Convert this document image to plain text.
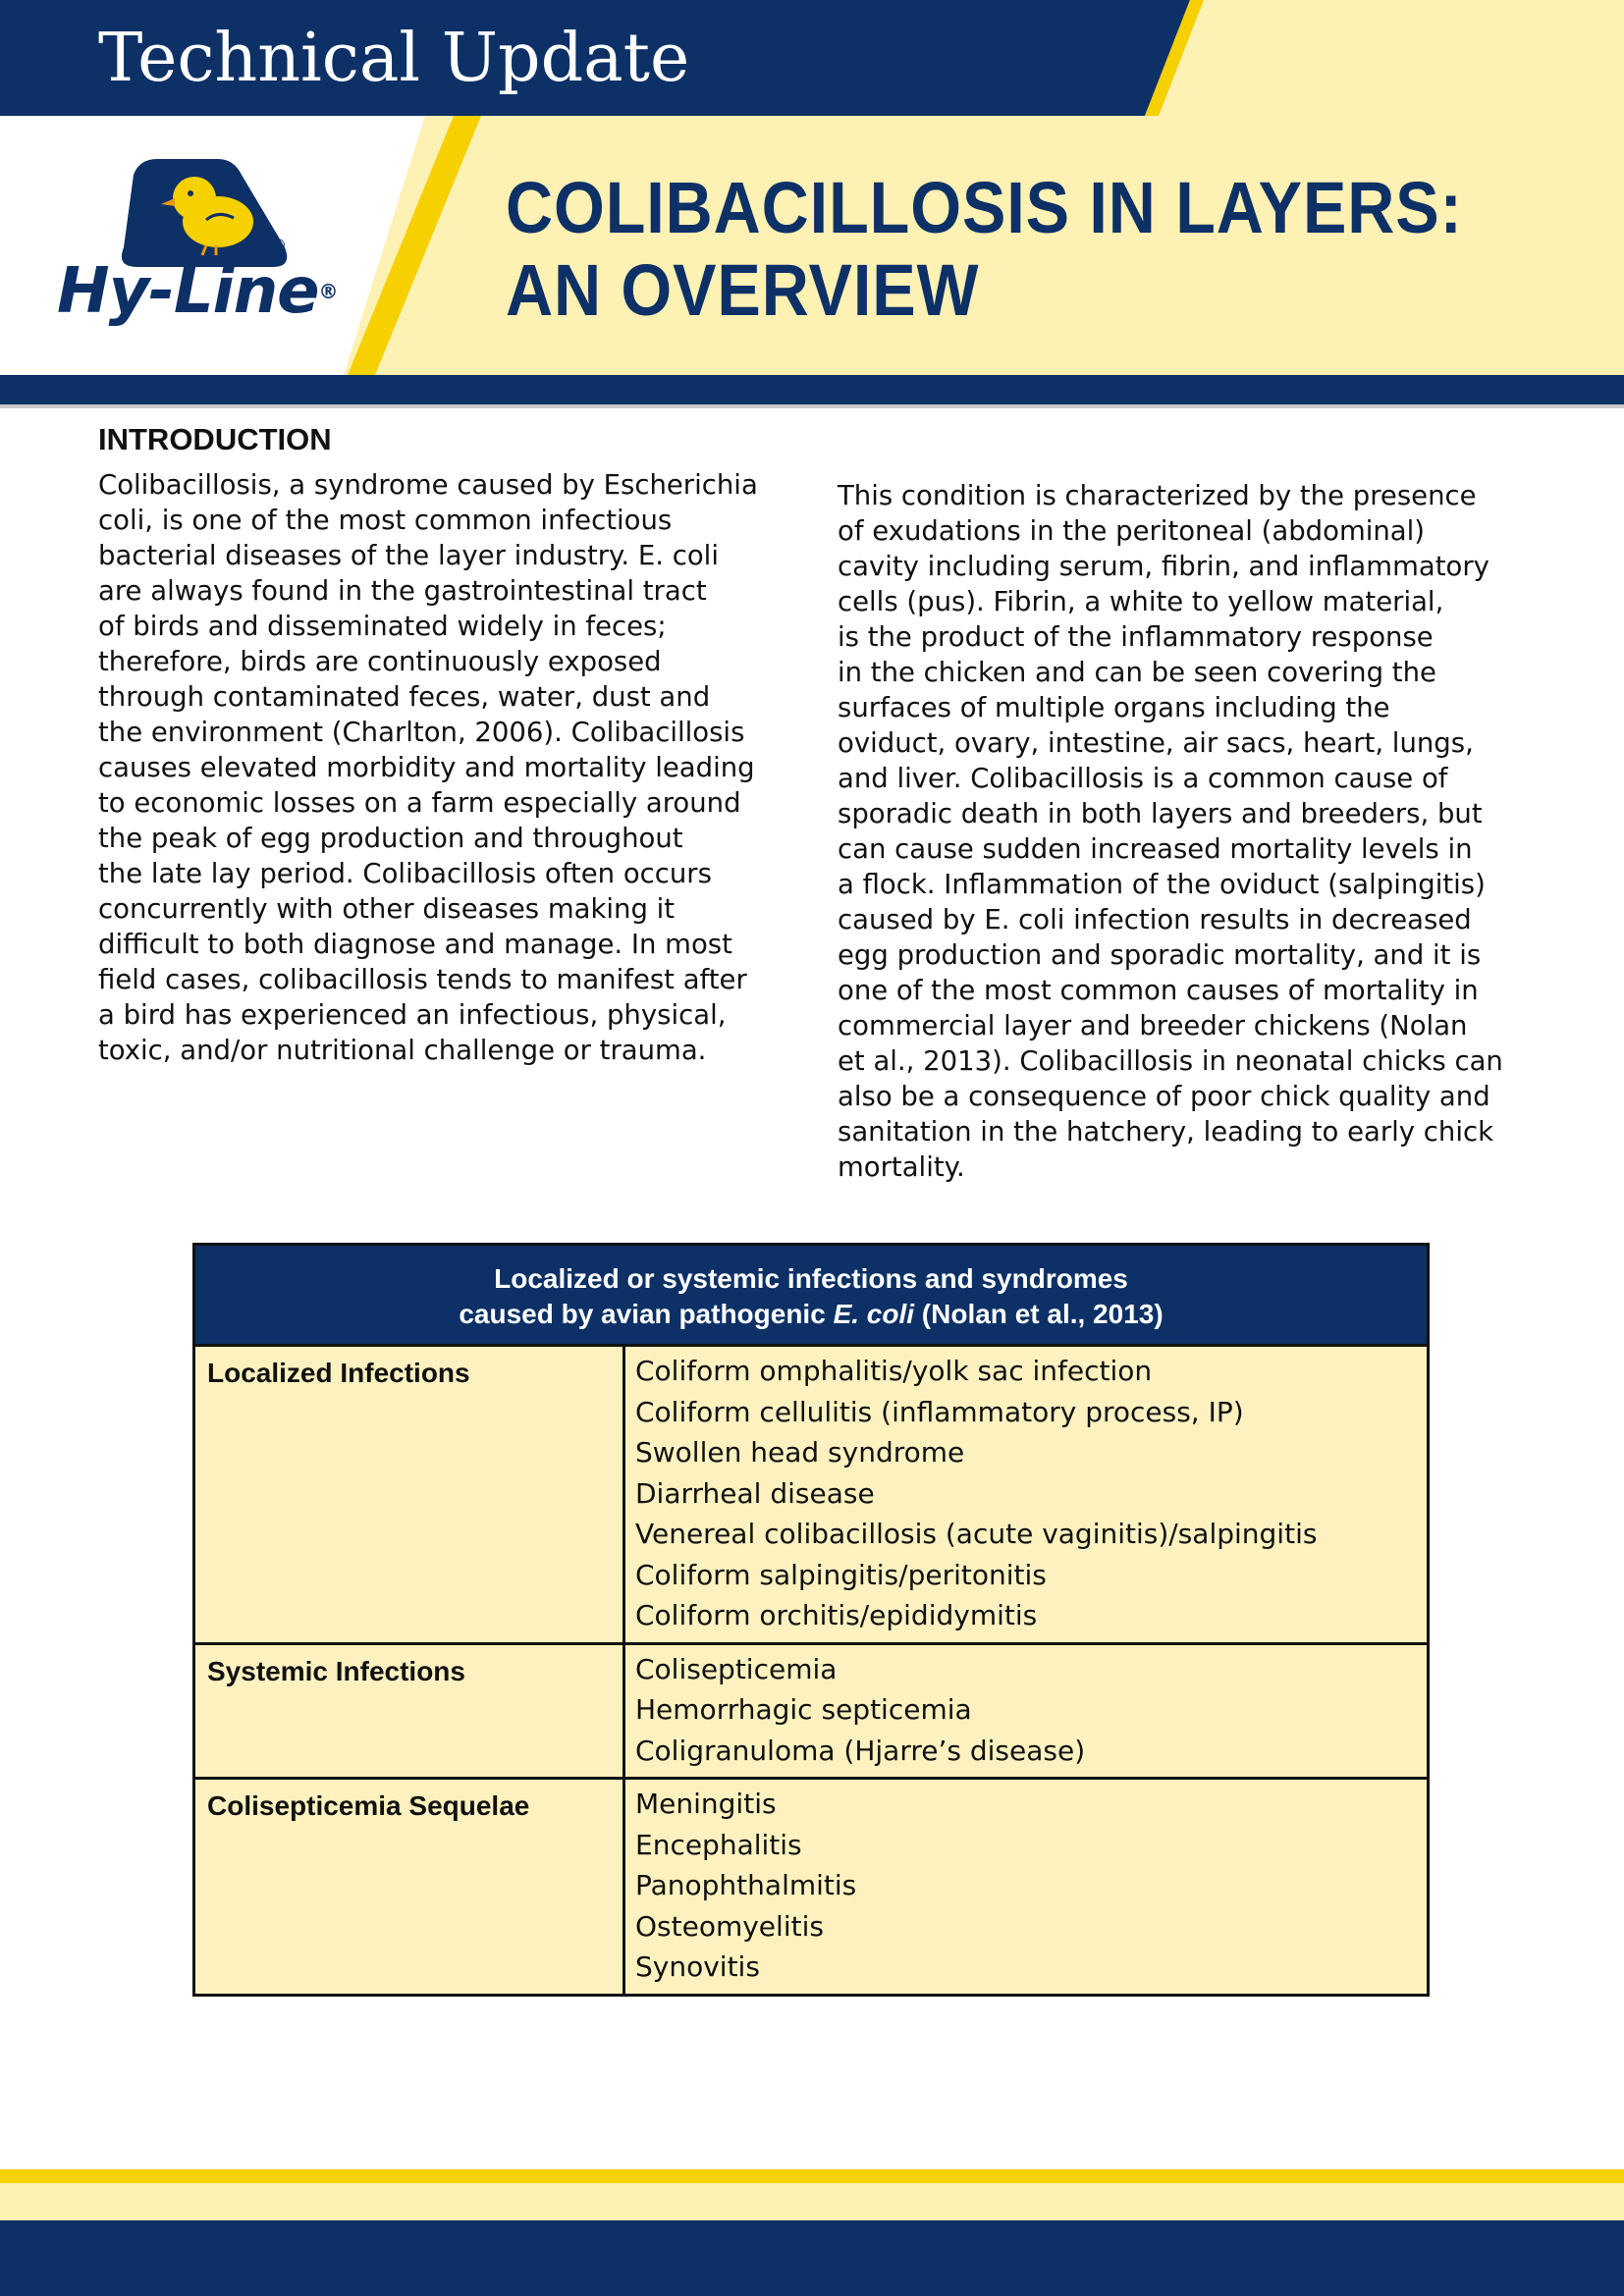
Technical Update
COLIBACILLOSIS IN LAYERS:
AN OVERVIEW
Hy-Line®
®
INTRODUCTION
Colibacillosis, a syndrome caused by Escherichia
coli, is one of the most common infectious
bacterial diseases of the layer industry. E. coli
are always found in the gastrointestinal tract
of birds and disseminated widely in feces;
therefore, birds are continuously exposed
through contaminated feces, water, dust and
the environment (Charlton, 2006). Colibacillosis
causes elevated morbidity and mortality leading
to economic losses on a farm especially around
the peak of egg production and throughout
the late lay period. Colibacillosis often occurs
concurrently with other diseases making it
difficult to both diagnose and manage. In most
field cases, colibacillosis tends to manifest after
a bird has experienced an infectious, physical,
toxic, and/or nutritional challenge or trauma.
This condition is characterized by the presence
of exudations in the peritoneal (abdominal)
cavity including serum, fibrin, and inflammatory
cells (pus). Fibrin, a white to yellow material,
is the product of the inflammatory response
in the chicken and can be seen covering the
surfaces of multiple organs including the
oviduct, ovary, intestine, air sacs, heart, lungs,
and liver. Colibacillosis is a common cause of
sporadic death in both layers and breeders, but
can cause sudden increased mortality levels in
a flock. Inflammation of the oviduct (salpingitis)
caused by E. coli infection results in decreased
egg production and sporadic mortality, and it is
one of the most common causes of mortality in
commercial layer and breeder chickens (Nolan
et al., 2013). Colibacillosis in neonatal chicks can
also be a consequence of poor chick quality and
sanitation in the hatchery, leading to early chick
mortality.
Localized or systemic infections and syndromes
caused by avian pathogenic E. coli (Nolan et al., 2013)
Localized Infections	Coliform omphalitis/yolk sac infection
Coliform cellulitis (inflammatory process, IP)
Swollen head syndrome
Diarrheal disease
Venereal colibacillosis (acute vaginitis)/salpingitis
Coliform salpingitis/peritonitis
Coliform orchitis/epididymitis
Systemic Infections	Colisepticemia
Hemorrhagic septicemia
Coligranuloma (Hjarre’s disease)
Colisepticemia Sequelae	Meningitis
Encephalitis
Panophthalmitis
Osteomyelitis
Synovitis
